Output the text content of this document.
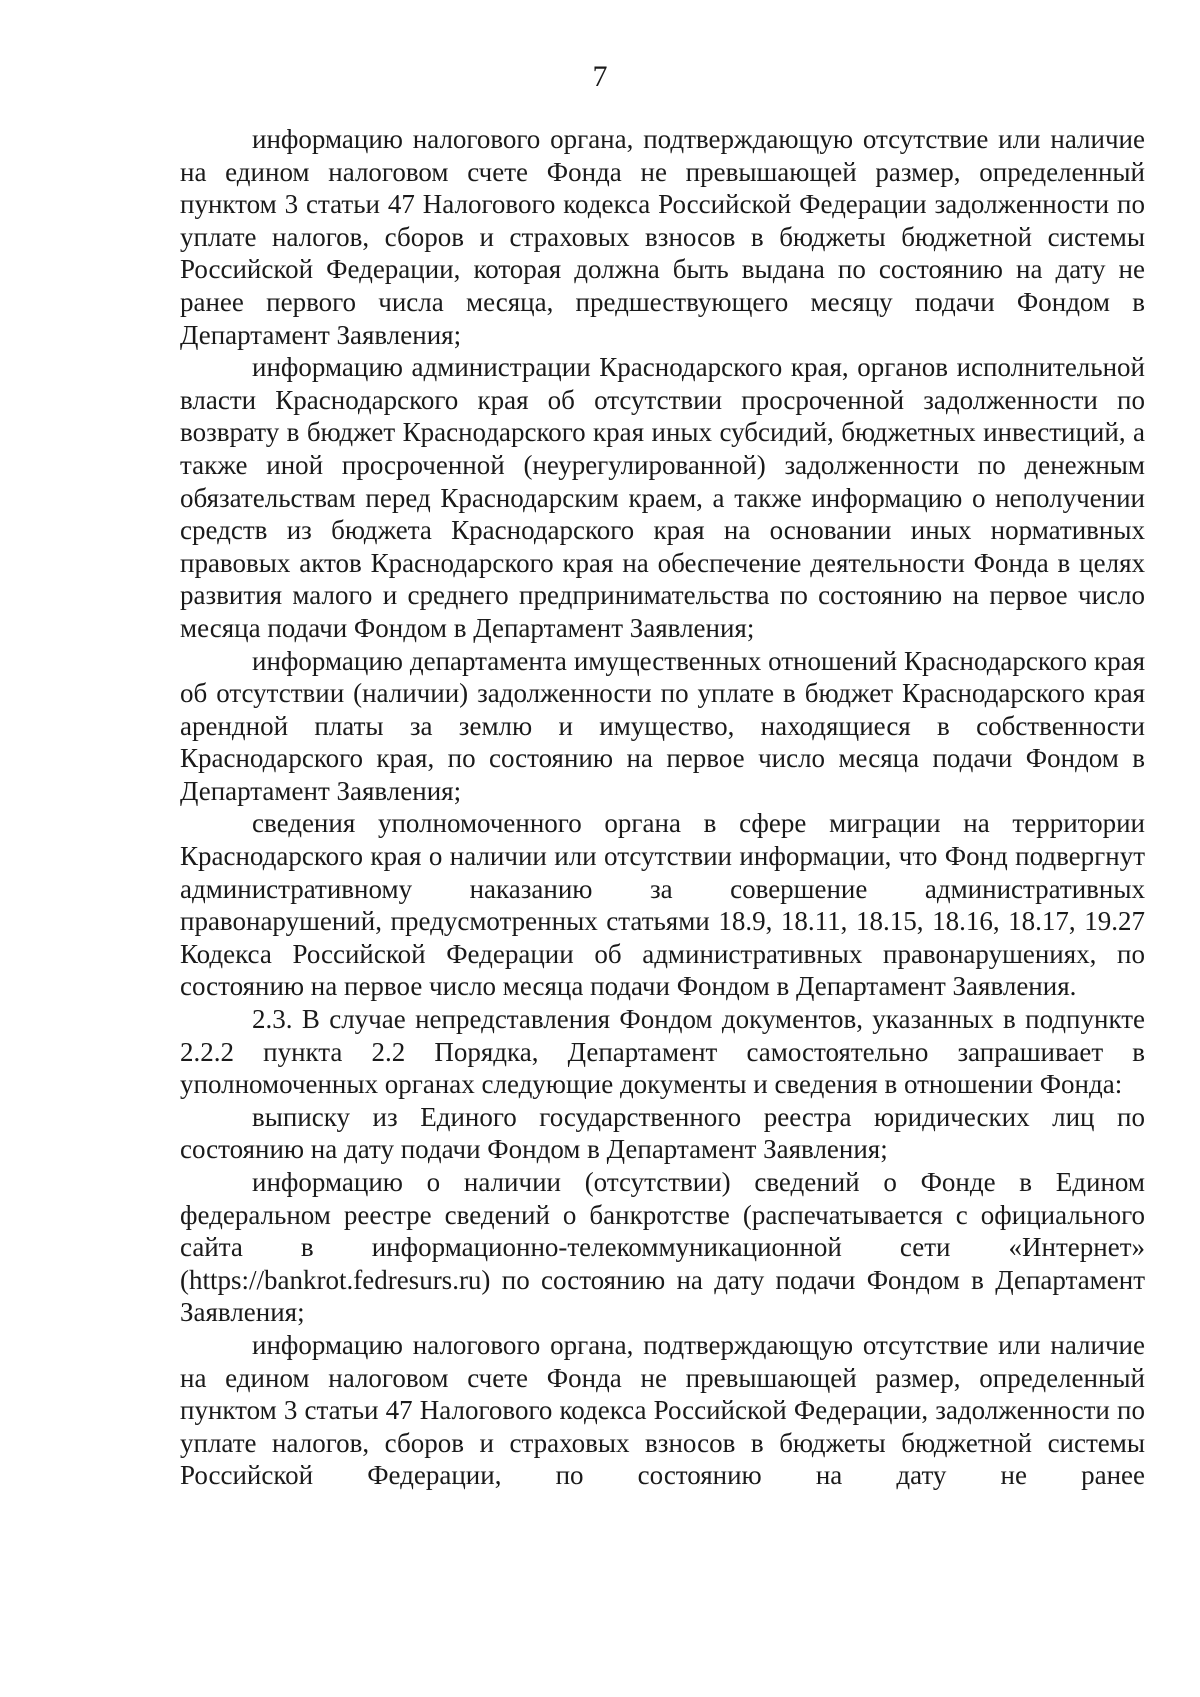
7

информацию налогового органа, подтверждающую отсутствие или наличие на едином налоговом счете Фонда не превышающей размер, определенный пунктом 3 статьи 47 Налогового кодекса Российской Федерации задолженности по уплате налогов, сборов и страховых взносов в бюджеты бюджетной системы Российской Федерации, которая должна быть выдана по состоянию на дату не ранее первого числа месяца, предшествующего месяцу подачи Фондом в Департамент Заявления;

информацию администрации Краснодарского края, органов исполнительной власти Краснодарского края об отсутствии просроченной задолженности по возврату в бюджет Краснодарского края иных субсидий, бюджетных инвестиций, а также иной просроченной (неурегулированной) задолженности по денежным обязательствам перед Краснодарским краем, а также информацию о неполучении средств из бюджета Краснодарского края на основании иных нормативных правовых актов Краснодарского края на обеспечение деятельности Фонда в целях развития малого и среднего предпринимательства по состоянию на первое число месяца подачи Фондом в Департамент Заявления;

информацию департамента имущественных отношений Краснодарского края об отсутствии (наличии) задолженности по уплате в бюджет Краснодарского края арендной платы за землю и имущество, находящиеся в собственности Краснодарского края, по состоянию на первое число месяца подачи Фондом в Департамент Заявления;

сведения уполномоченного органа в сфере миграции на территории Краснодарского края о наличии или отсутствии информации, что Фонд подвергнут административному наказанию за совершение административных правонарушений, предусмотренных статьями 18.9, 18.11, 18.15, 18.16, 18.17, 19.27 Кодекса Российской Федерации об административных правонарушениях, по состоянию на первое число месяца подачи Фондом в Департамент Заявления.

2.3. В случае непредставления Фондом документов, указанных в подпункте 2.2.2 пункта 2.2 Порядка, Департамент самостоятельно запрашивает в уполномоченных органах следующие документы и сведения в отношении Фонда:

выписку из Единого государственного реестра юридических лиц по состоянию на дату подачи Фондом в Департамент Заявления;

информацию о наличии (отсутствии) сведений о Фонде в Едином федеральном реестре сведений о банкротстве (распечатывается с официального сайта в информационно-телекоммуникационной сети «Интернет» (https://bankrot.fedresurs.ru) по состоянию на дату подачи Фондом в Департамент Заявления;

информацию налогового органа, подтверждающую отсутствие или наличие на едином налоговом счете Фонда не превышающей размер, определенный пунктом 3 статьи 47 Налогового кодекса Российской Федерации, задолженности по уплате налогов, сборов и страховых взносов в бюджеты бюджетной системы Российской Федерации, по состоянию на дату не ранее
